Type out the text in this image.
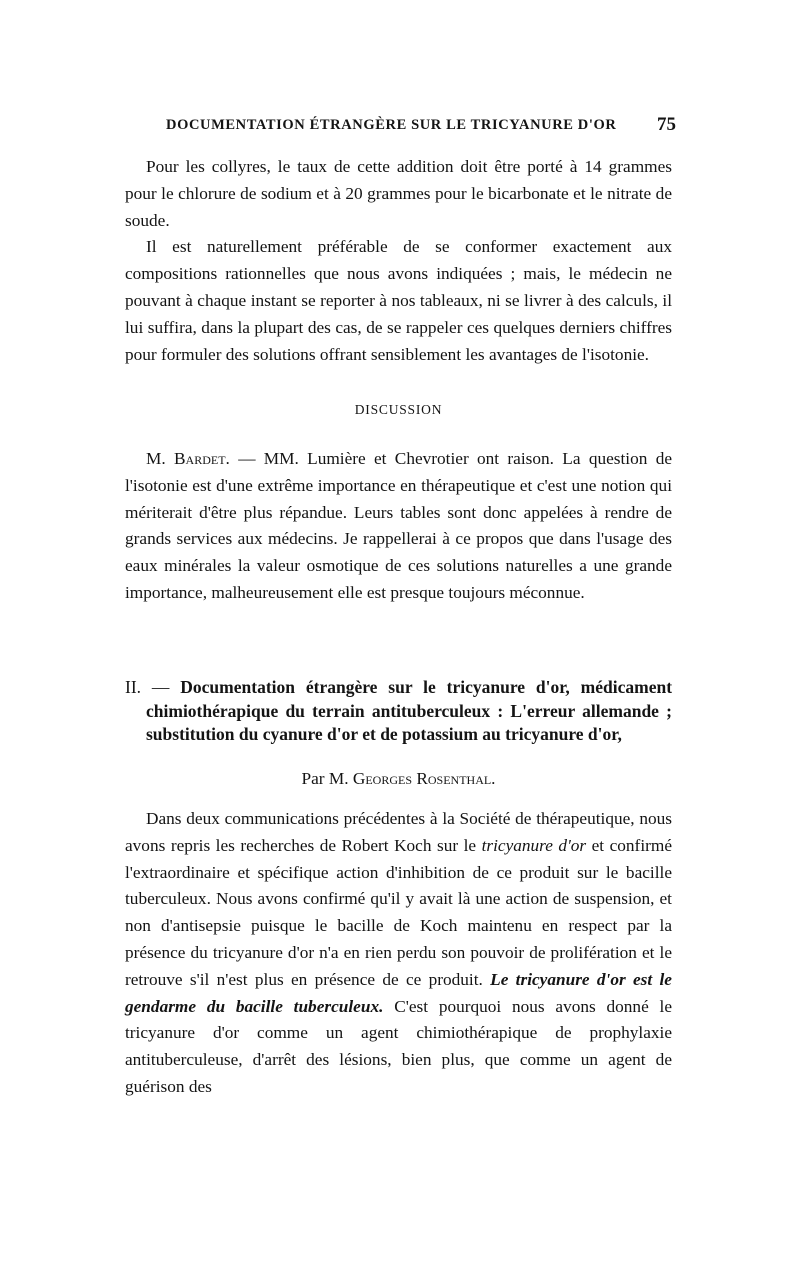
DOCUMENTATION ÉTRANGÈRE SUR LE TRICYANURE D'OR 75

Pour les collyres, le taux de cette addition doit être porté à 14 grammes pour le chlorure de sodium et à 20 grammes pour le bicarbonate et le nitrate de soude.

Il est naturellement préférable de se conformer exactement aux compositions rationnelles que nous avons indiquées ; mais, le médecin ne pouvant à chaque instant se reporter à nos tableaux, ni se livrer à des calculs, il lui suffira, dans la plupart des cas, de se rappeler ces quelques derniers chiffres pour formuler des solutions offrant sensiblement les avantages de l'isotonie.

DISCUSSION

M. Bardet. — MM. Lumière et Chevrotier ont raison. La question de l'isotonie est d'une extrême importance en thérapeutique et c'est une notion qui mériterait d'être plus répandue. Leurs tables sont donc appelées à rendre de grands services aux médecins. Je rappellerai à ce propos que dans l'usage des eaux minérales la valeur osmotique de ces solutions naturelles a une grande importance, malheureusement elle est presque toujours méconnue.

II. — Documentation étrangère sur le tricyanure d'or, médicament chimiothérapique du terrain antituberculeux : L'erreur allemande ; substitution du cyanure d'or et de potassium au tricyanure d'or,
Par M. Georges Rosenthal.

Dans deux communications précédentes à la Société de thérapeutique, nous avons repris les recherches de Robert Koch sur le tricyanure d'or et confirmé l'extraordinaire et spécifique action d'inhibition de ce produit sur le bacille tuberculeux. Nous avons confirmé qu'il y avait là une action de suspension, et non d'antisepsie puisque le bacille de Koch maintenu en respect par la présence du tricyanure d'or n'a en rien perdu son pouvoir de prolifération et le retrouve s'il n'est plus en présence de ce produit. Le tricyanure d'or est le gendarme du bacille tuberculeux. C'est pourquoi nous avons donné le tricyanure d'or comme un agent chimiothérapique de prophylaxie antituberculeuse, d'arrêt des lésions, bien plus, que comme un agent de guérison des
